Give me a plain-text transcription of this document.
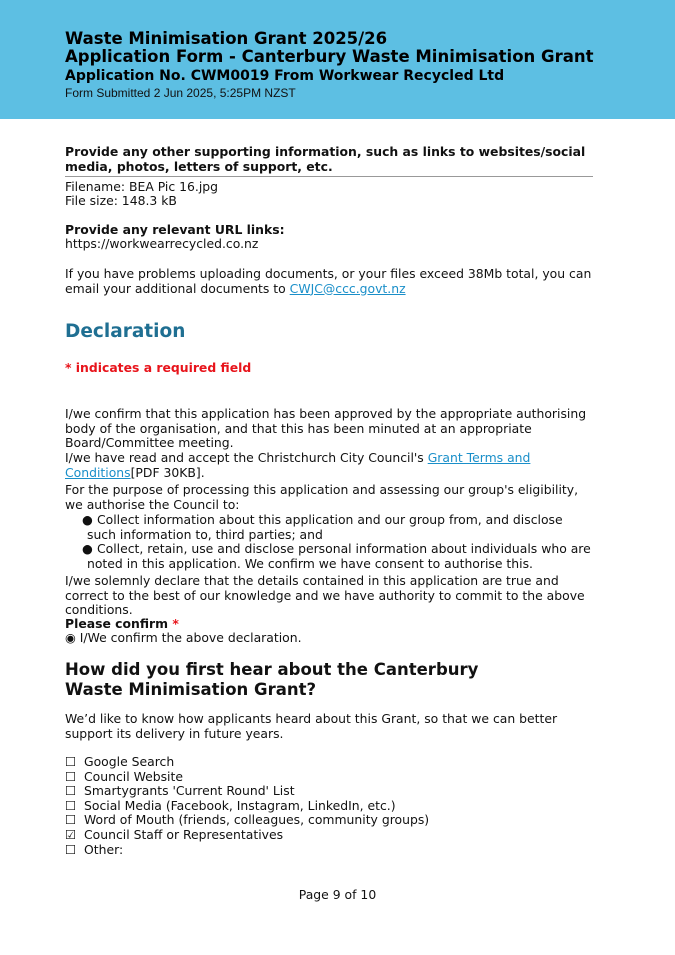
Waste Minimisation Grant 2025/26
Application Form - Canterbury Waste Minimisation Grant
Application No. CWM0019 From Workwear Recycled Ltd
Form Submitted 2 Jun 2025, 5:25PM NZST
Provide any other supporting information, such as links to websites/social media, photos, letters of support, etc.
Filename: BEA Pic 16.jpg
File size: 148.3 kB
Provide any relevant URL links:
https://workwearrecycled.co.nz
If you have problems uploading documents, or your files exceed 38Mb total, you can email your additional documents to CWJC@ccc.govt.nz
Declaration
* indicates a required field
I/we confirm that this application has been approved by the appropriate authorising body of the organisation, and that this has been minuted at an appropriate Board/Committee meeting.
I/we have read and accept the Christchurch City Council's Grant Terms and Conditions[PDF 30KB].
For the purpose of processing this application and assessing our group's eligibility, we authorise the Council to:
● Collect information about this application and our group from, and disclose such information to, third parties; and
● Collect, retain, use and disclose personal information about individuals who are noted in this application. We confirm we have consent to authorise this.
I/we solemnly declare that the details contained in this application are true and correct to the best of our knowledge and we have authority to commit to the above conditions.
Please confirm *
◉ I/We confirm the above declaration.
How did you first hear about the Canterbury Waste Minimisation Grant?
We’d like to know how applicants heard about this Grant, so that we can better support its delivery in future years.
☐ Google Search
☐ Council Website
☐ Smartygrants 'Current Round' List
☐ Social Media (Facebook, Instagram, LinkedIn, etc.)
☐ Word of Mouth (friends, colleagues, community groups)
☑ Council Staff or Representatives
☐ Other:
Page 9 of 10
